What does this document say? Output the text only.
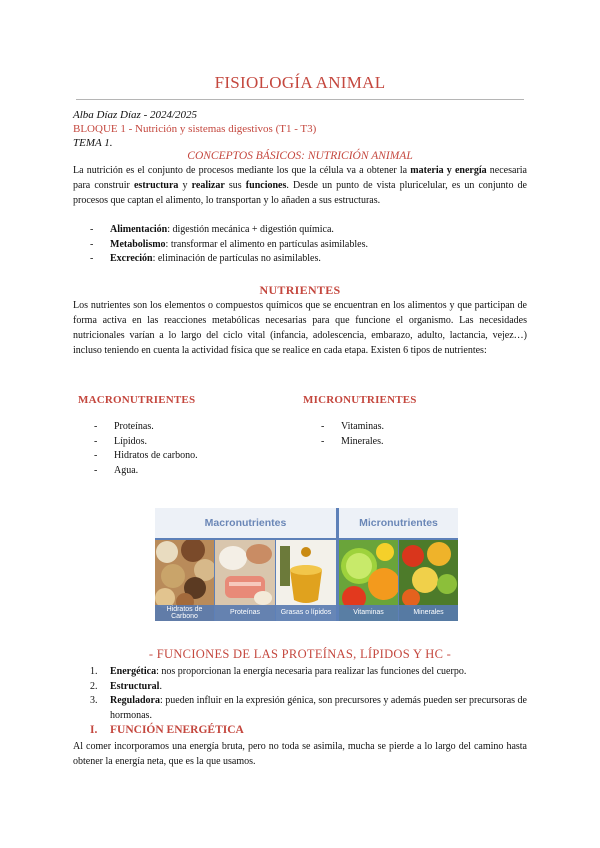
FISIOLOGÍA ANIMAL
Alba Díaz Díaz - 2024/2025
BLOQUE 1 - Nutrición y sistemas digestivos (T1 - T3)
TEMA 1.
CONCEPTOS BÁSICOS: NUTRICIÓN ANIMAL
La nutrición es el conjunto de procesos mediante los que la célula va a obtener la materia y energía necesaria para construir estructura y realizar sus funciones. Desde un punto de vista pluricelular, es un conjunto de procesos que captan el alimento, lo transportan y lo añaden a sus estructuras.
- Alimentación: digestión mecánica + digestión química.
- Metabolismo: transformar el alimento en partículas asimilables.
- Excreción: eliminación de partículas no asimilables.
NUTRIENTES
Los nutrientes son los elementos o compuestos químicos que se encuentran en los alimentos y que participan de forma activa en las reacciones metabólicas necesarias para que funcione el organismo. Las necesidades nutricionales varían a lo largo del ciclo vital (infancia, adolescencia, embarazo, adulto, lactancia, vejez…) incluso teniendo en cuenta la actividad física que se realice en cada etapa. Existen 6 tipos de nutrientes:
MACRONUTRIENTES	MICRONUTRIENTES
- Proteínas.
- Lípidos.
- Hidratos de carbono.
- Agua.
- Vitaminas.
- Minerales.
Macronutrientes	Micronutrientes
Hidratos de Carbono
Proteínas	Grasas o lípidos	Vitaminas	Minerales
- FUNCIONES DE LAS PROTEÍNAS, LÍPIDOS Y HC -
1. Energética: nos proporcionan la energía necesaria para realizar las funciones del cuerpo.
2. Estructural.
3. Reguladora: pueden influir en la expresión génica, son precursores y además pueden ser precursoras de hormonas.
I. FUNCIÓN ENERGÉTICA
Al comer incorporamos una energía bruta, pero no toda se asimila, mucha se pierde a lo largo del camino hasta obtener la energía neta, que es la que usamos.
